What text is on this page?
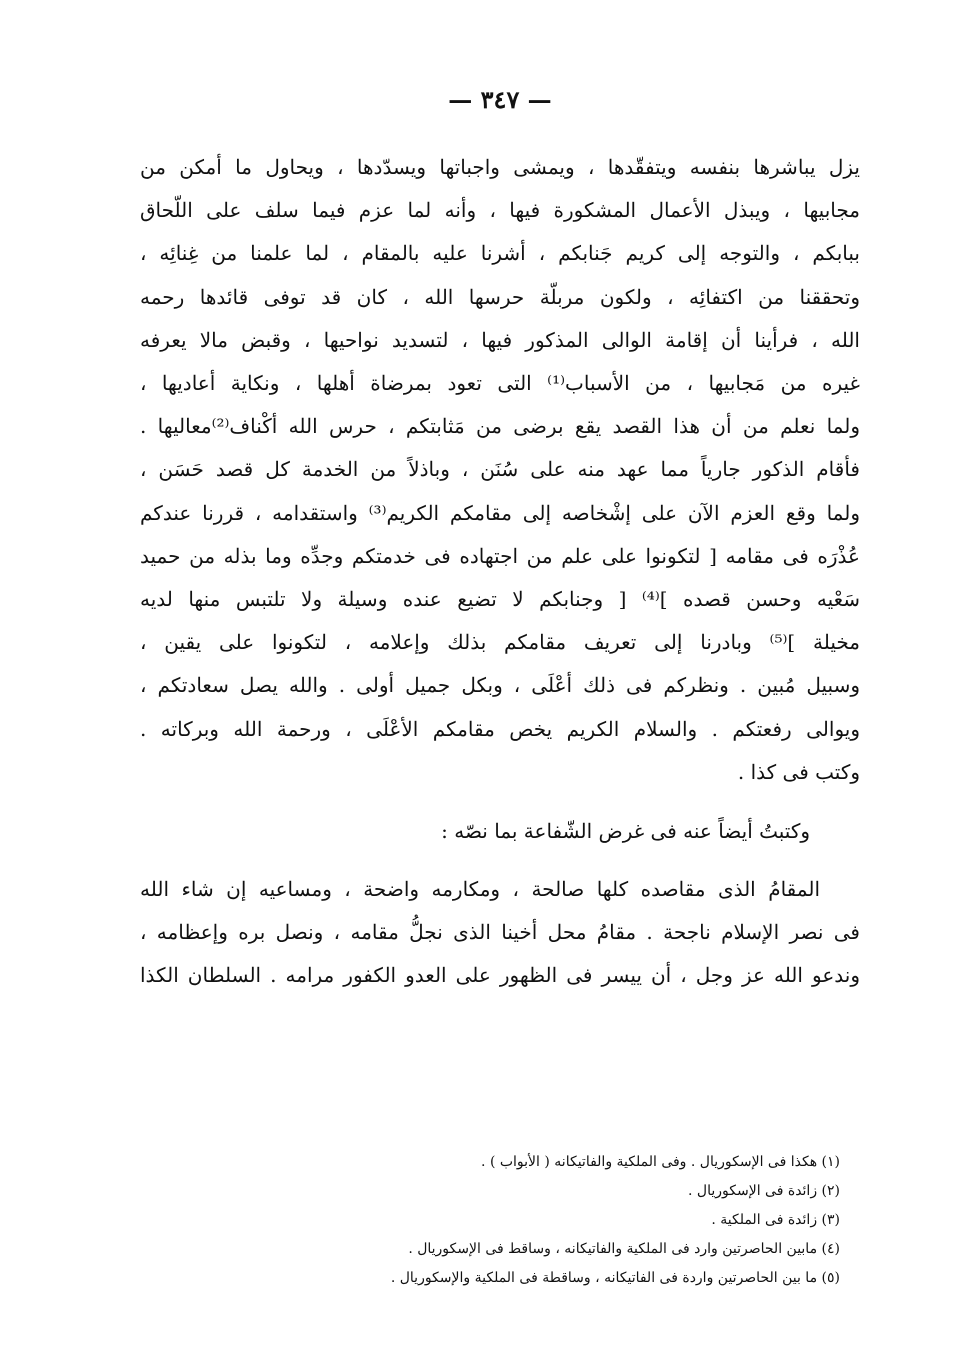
— ٣٤٧ —
يزل يباشرها بنفسه ويتفقّدها ، ويمشى واجباتها ويسدّدها ، ويحاول ما أمكن من
مجابيها ، ويبذل الأعمال المشكورة فيها ، وأنه لما عزم فيما سلف على اللّحاق
ببابكم ، والتوجه إلى كريم جَنابكم ، أشرنا عليه بالمقام ، لما علمنا من غِنائِه ،
وتحققنا من اكتفائِه ، ولكون مربلّة حرسها الله ، كان قد توفى قائدها رحمه
الله ، فرأينا أن إقامة الوالى المذكور فيها ، لتسديد نواحيها ، وقبض مالا يعرفه
غيره من مَجابيها ، من الأسباب⁽¹⁾ التى تعود بمرضاة أهلها ، ونكاية أعاديها ،
ولما نعلم من أن هذا القصد يقع برضى من مَثابتكم ، حرس الله أكْناف⁽²⁾معاليها .
فأقام الذكور جارياً مما عهد منه على سُنَن ، وباذلاً من الخدمة كل قصد حَسَن ،
ولما وقع العزم الآن على إشْخاصه إلى مقامكم الكريم⁽³⁾ واستقدامه ، قررنا عندكم
عُذْرَه فى مقامه [ لتكونوا على علم من اجتهاده فى خدمتكم وجدِّه وما بذله من حميد
سَعْيه وحسن قصده ]⁽⁴⁾ [ وجنابكم لا تضيع عنده وسيلة ولا تلتبس منها لديه
مخيلة ]⁽⁵⁾ وبادرنا إلى تعريف مقامكم بذلك وإعلامه ، لتكونوا على يقين ،
وسبيل مُبين . ونظركم فى ذلك أعْلَى ، وبكل جميل أولى . والله يصل سعادتكم ،
ويوالى رفعتكم . والسلام الكريم يخص مقامكم الأعْلَى ، ورحمة الله وبركاته .
وكتب فى كذا .
وكتبتُ أيضاً عنه فى غرض الشّفاعة بما نصّه :
المقامُ الذى مقاصده كلها صالحة ، ومكارمه واضحة ، ومساعيه إن شاء الله
فى نصر الإسلام ناجحة . مقامُ محل أخينا الذى نجلُّ مقامه ، ونصل بره وإعظامه ،
وندعو الله عز وجل ، أن ييسر فى الظهور على العدو الكفور مرامه . السلطان الكذا
(١) هكذا فى الإسكوريال . وفى الملكية والفاتيكانه ( الأبواب ) .
(٢) زائدة فى الإسكوريال .
(٣) زائدة فى الملكية .
(٤) مابين الحاصرتين وارد فى الملكية والفاتيكانه ، وساقط فى الإسكوريال .
(٥) ما بين الحاصرتين واردة فى الفاتيكانه ، وساقطة فى الملكية والإسكوريال .
